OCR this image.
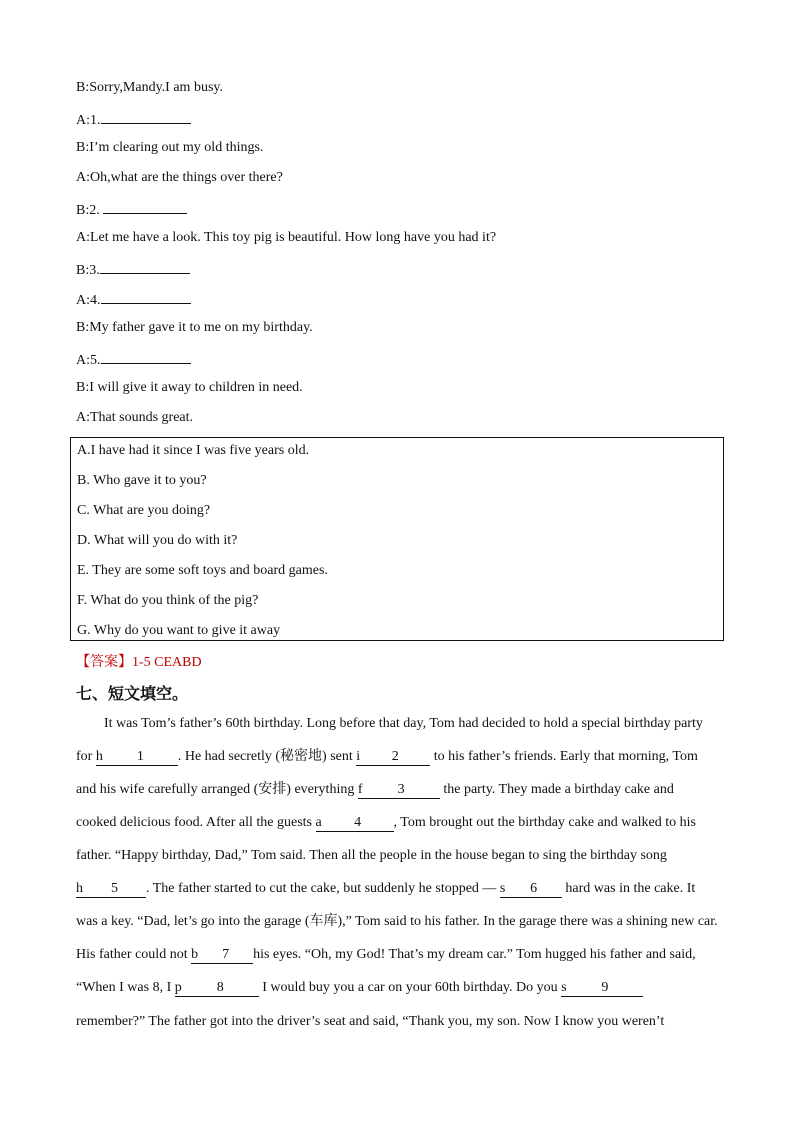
B:Sorry,Mandy.I am busy.
A:1.
B:I’m clearing out my old things.
A:Oh,what are the things over there?
B:2.
A:Let me have a look. This toy pig is beautiful. How long have you had it?
B:3.
A:4.
B:My father gave it to me on my birthday.
A:5.
B:I will give it away to children in need.
A:That sounds great.
A.I have had it since I was five years old.
B. Who gave it to you?
C. What are you doing?
D. What will you do with it?
E. They are some soft toys and board games.
F. What do you think of the pig?
G. Why do you want to give it away
【答案】1-5 CEABD
七、短文填空。
It was Tom’s father’s 60th birthday. Long before that day, Tom had decided to hold a special birthday party
for h 1 . He had secretly (秘密地) sent i 2 to his father’s friends. Early that morning, Tom
and his wife carefully arranged (安排) everything f	3	the party. They made a birthday cake and
cooked delicious food. After all the guests a 4 , Tom brought out the birthday cake and walked to his
father. “Happy birthday, Dad,” Tom said. Then all the people in the house began to sing the birthday song
h 5 . The father started to cut the cake, but suddenly he stopped — s 6 hard was in the cake. It
was a key. “Dad, let’s go into the garage (车库),” Tom said to his father. In the garage there was a shining new car.
His father could not b 7 his eyes. “Oh, my God! That’s my dream car.” Tom hugged his father and said,
“When I was 8, I p	8	I would buy you a car on your 60th birthday. Do you s 9
remember?” The father got into the driver’s seat and said, “Thank you, my son. Now I know you weren’t
